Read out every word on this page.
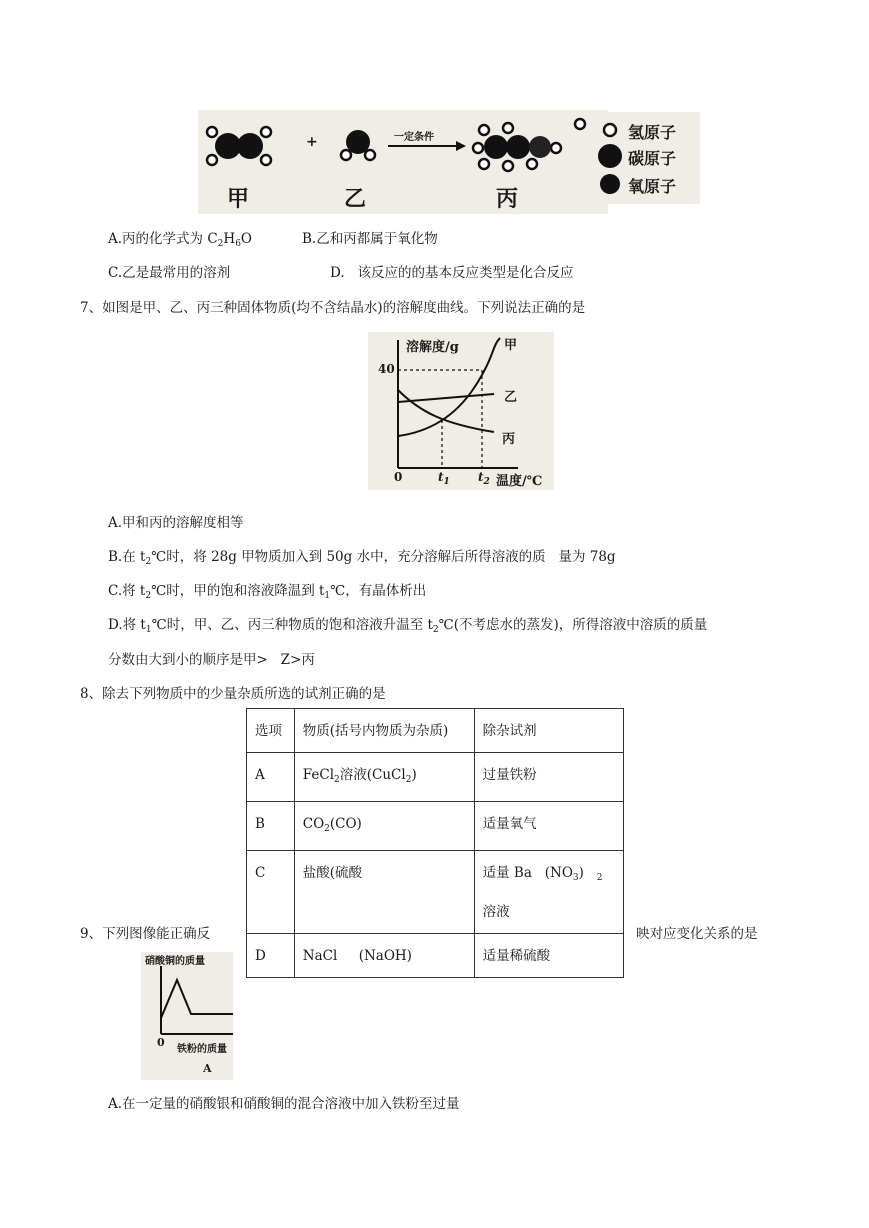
甲
+
乙
一定条件
丙
氢原子
碳原子
氧原子
A.丙的化学式为 $C_2H_6O$	B.乙和丙都属于氧化物
C.乙是最常用的溶剂	D.   该反应的的基本反应类型是化合反应
7、如图是甲、乙、丙三种固体物质(均不含结晶水)的溶解度曲线。下列说法正确的是
溶解度/g
40
0	$t_1$ $t_2$ 温度/℃
甲
乙
丙
A.甲和丙的溶解度相等
B.在 $t_2℃$时，将 28g 甲物质加入到 50g 水中，充分溶解后所得溶液的质   量为 78g
C.将 $t_2℃$时，甲的饱和溶液降温到 $t_1℃$，有晶体析出
D.将 $t_1℃$时，甲、乙、丙三种物质的饱和溶液升温至 $t_2℃$(不考虑水的蒸发)，所得溶液中溶质的质量
分数由大到小的顺序是甲>   Z>丙
8、除去下列物质中的少量杂质所选的试剂正确的是
选项	物质(括号内物质为杂质)	除杂试剂
A	FeCl$_2$溶液(CuCl$_2$)	过量铁粉
B	$CO_2(CO)$	适量氧气
C	盐酸(硫酸	适量 Ba   $(NO_3)$   $_2$溶液
D	NaCl     (NaOH)	适量稀硫酸
9、下列图像能正确反	映对应变化关系的是
硝酸铜的质量
0
铁粉的质量
A
A.在一定量的硝酸银和硝酸铜的混合溶液中加入铁粉至过量
